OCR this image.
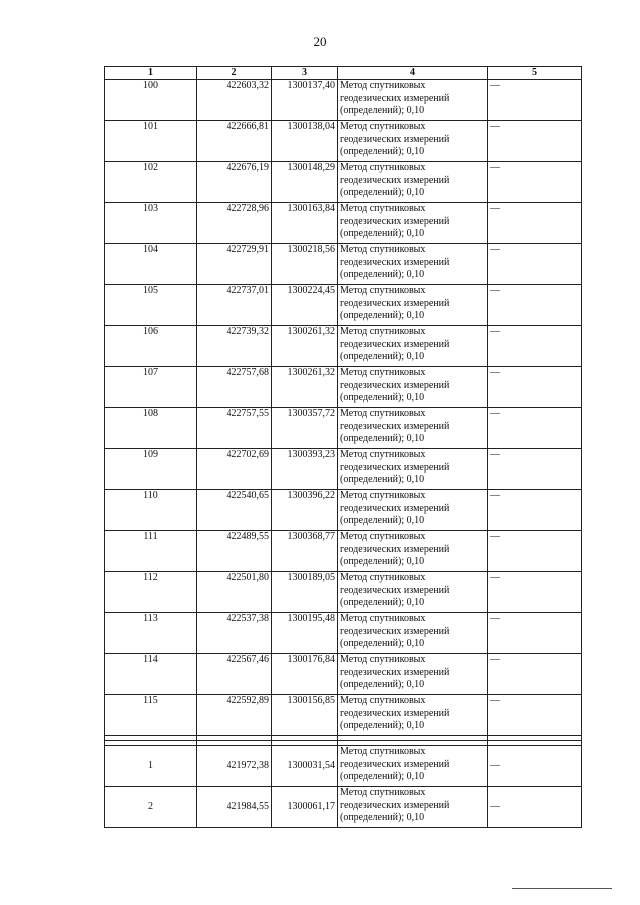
20
1	2	3	4	5
100	422603,32	1300137,40	Метод спутниковых геодезических измерений (определений); 0,10	—
101	422666,81	1300138,04	Метод спутниковых геодезических измерений (определений); 0,10	—
102	422676,19	1300148,29	Метод спутниковых геодезических измерений (определений); 0,10	—
103	422728,96	1300163,84	Метод спутниковых геодезических измерений (определений); 0,10	—
104	422729,91	1300218,56	Метод спутниковых геодезических измерений (определений); 0,10	—
105	422737,01	1300224,45	Метод спутниковых геодезических измерений (определений); 0,10	—
106	422739,32	1300261,32	Метод спутниковых геодезических измерений (определений); 0,10	—
107	422757,68	1300261,32	Метод спутниковых геодезических измерений (определений); 0,10	—
108	422757,55	1300357,72	Метод спутниковых геодезических измерений (определений); 0,10	—
109	422702,69	1300393,23	Метод спутниковых геодезических измерений (определений); 0,10	—
110	422540,65	1300396,22	Метод спутниковых геодезических измерений (определений); 0,10	—
111	422489,55	1300368,77	Метод спутниковых геодезических измерений (определений); 0,10	—
112	422501,80	1300189,05	Метод спутниковых геодезических измерений (определений); 0,10	—
113	422537,38	1300195,48	Метод спутниковых геодезических измерений (определений); 0,10	—
114	422567,46	1300176,84	Метод спутниковых геодезических измерений (определений); 0,10	—
115	422592,89	1300156,85	Метод спутниковых геодезических измерений (определений); 0,10	—

1	421972,38	1300031,54	Метод спутниковых геодезических измерений (определений); 0,10	—
2	421984,55	1300061,17	Метод спутниковых геодезических измерений (определений); 0,10	—
